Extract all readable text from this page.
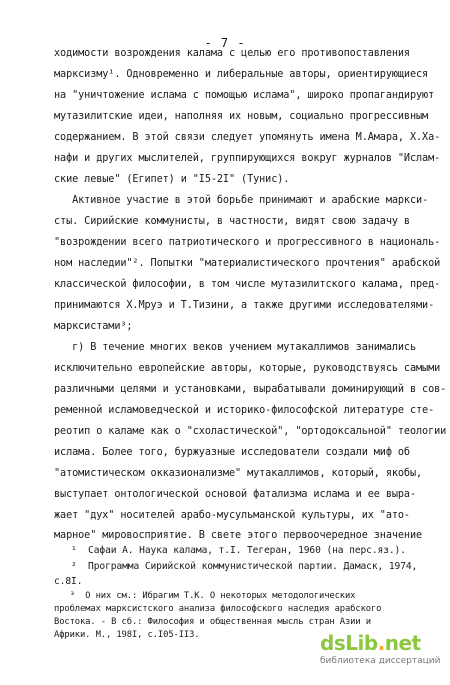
- 7 -
ходимости возрождения калама с целью его противопоставления
марксизму¹. Одновременно и либеральные авторы, ориентирующиеся
на "уничтожение ислама с помощью ислама", широко пропагандируют
мутазилитские идеи, наполняя их новым, социально прогрессивным
содержанием. В этой связи следует упомянуть имена М.Амара, Х.Ха-
нафи и других мыслителей, группирующихся вокруг журналов "Ислам-
ские левые" (Египет) и "I5-2I" (Тунис).
Активное участие в этой борьбе принимают и арабские маркси-
сты. Сирийские коммунисты, в частности, видят свою задачу в
"возрождении всего патриотического и прогрессивного в националь-
ном наследии"². Попытки "материалистического прочтения" арабской
классической философии, в том числе мутазилитского калама, пред-
принимаются Х.Мруэ и Т.Тизини, а также другими исследователями-
марксистами³;
г) В течение многих веков учением мутакаллимов занимались
исключительно европейские авторы, которые, руководствуясь самыми
различными целями и установками, вырабатывали доминирующий в сов-
ременной исламоведческой и историко-философской литературе сте-
реотип о каламе как о "схоластической", "ортодоксальной" теологии
ислама. Более того, буржуазные исследователи создали миф об
"атомистическом окказионализме" мутакаллимов, который, якобы,
выступает онтологической основой фатализма ислама и ее выра-
жает "дух" носителей арабо-мусульманской культуры, их "ато-
марное" мировосприятие. В свете этого первоочередное значение
¹  Сафаи А. Наука калама, т.I. Тегеран, 1960 (на перс.яз.).
²  Программа Сирийской коммунистической партии. Дамаск, 1974,
с.8I.
³  О них см.: Ибрагим Т.К. О некоторых методологических
проблемах марксистского анализа философского наследия арабского
Востока. - В сб.: Философия и общественная мысль стран Азии и
Африки. М., 198I, с.I05-II3.	dsLib.net
библиотека диссертаций
